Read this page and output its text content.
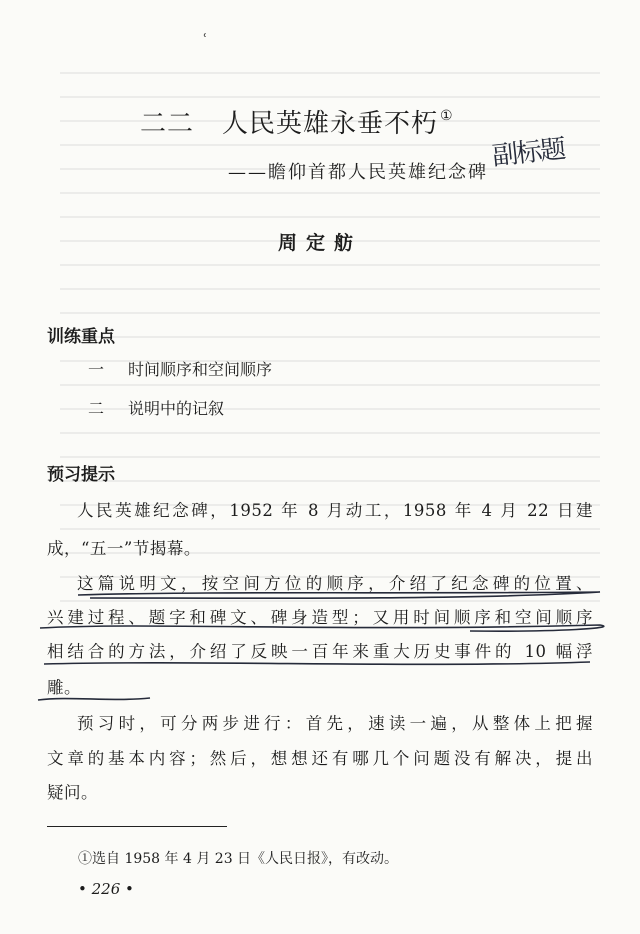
ʿ
二二 人民英雄永垂不朽 ①
——瞻仰首都人民英雄纪念碑
副标题
周定舫
训练重点
一 时间顺序和空间顺序
二 说明中的记叙
预习提示
人民英雄纪念碑，1952 年 8 月动工，1958 年 4 月 22 日建
成，“五一”节揭幕。
这篇说明文，按空间方位的顺序，介绍了纪念碑的位置、
兴建过程、题字和碑文、碑身造型；又用时间顺序和空间顺序
相结合的方法，介绍了反映一百年来重大历史事件的 10 幅浮
雕。
预习时，可分两步进行：首先，速读一遍，从整体上把握
文章的基本内容；然后，想想还有哪几个问题没有解决，提出
疑问。
①选自 1958 年 4 月 23 日《人民日报》，有改动。
• 226 •
